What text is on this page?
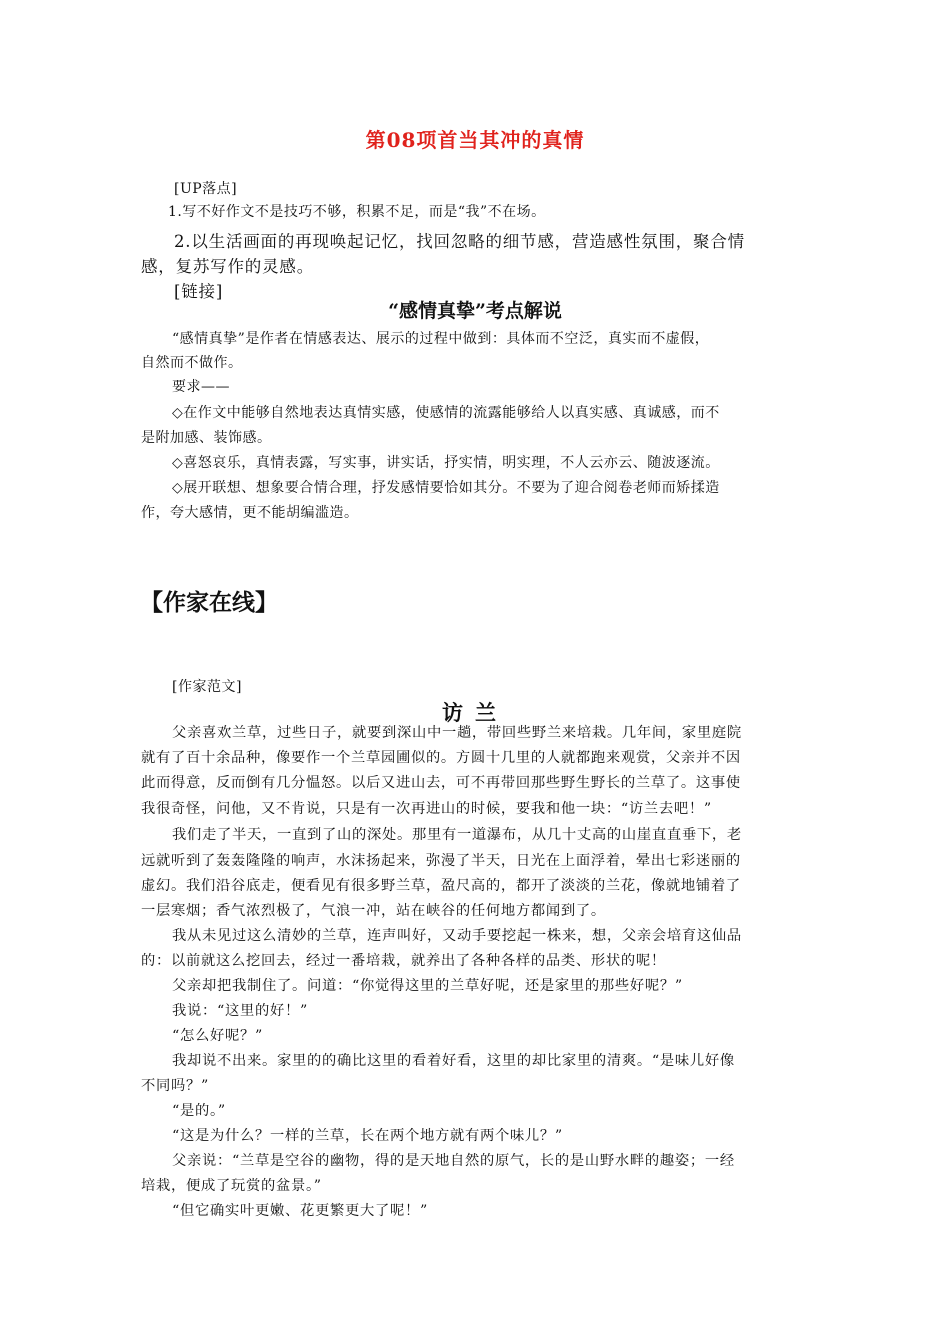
第08项首当其冲的真情

[UP落点]

1.写不好作文不是技巧不够，积累不足，而是“我”不在场。

2.以生活画面的再现唤起记忆，找回忽略的细节感，营造感性氛围，聚合情

感，复苏写作的灵感。

[链接]

“感情真挚”考点解说

“感情真挚”是作者在情感表达、展示的过程中做到：具体而不空泛，真实而不虚假，

自然而不做作。

要求——

◇在作文中能够自然地表达真情实感，使感情的流露能够给人以真实感、真诚感，而不

是附加感、装饰感。

◇喜怒哀乐，真情表露，写实事，讲实话，抒实情，明实理，不人云亦云、随波逐流。

◇展开联想、想象要合情合理，抒发感情要恰如其分。不要为了迎合阅卷老师而矫揉造

作，夸大感情，更不能胡编滥造。

【作家在线】

[作家范文]

访兰

父亲喜欢兰草，过些日子，就要到深山中一趟，带回些野兰来培栽。几年间，家里庭院

就有了百十余品种，像要作一个兰草园圃似的。方圆十几里的人就都跑来观赏，父亲并不因

此而得意，反而倒有几分愠怒。以后又进山去，可不再带回那些野生野长的兰草了。这事使

我很奇怪，问他，又不肯说，只是有一次再进山的时候，要我和他一块：“访兰去吧！”

我们走了半天，一直到了山的深处。那里有一道瀑布，从几十丈高的山崖直直垂下，老

远就听到了轰轰隆隆的响声，水沫扬起来，弥漫了半天，日光在上面浮着，晕出七彩迷丽的

虚幻。我们沿谷底走，便看见有很多野兰草，盈尺高的，都开了淡淡的兰花，像就地铺着了

一层寒烟；香气浓烈极了，气浪一冲，站在峡谷的任何地方都闻到了。

我从未见过这么清妙的兰草，连声叫好，又动手要挖起一株来，想，父亲会培育这仙品

的：以前就这么挖回去，经过一番培栽，就养出了各种各样的品类、形状的呢！

父亲却把我制住了。问道：“你觉得这里的兰草好呢，还是家里的那些好呢？”

我说：“这里的好！”

“怎么好呢？”

我却说不出来。家里的的确比这里的看着好看，这里的却比家里的清爽。“是味儿好像

不同吗？”

“是的。”

“这是为什么？一样的兰草，长在两个地方就有两个味儿？”

父亲说：“兰草是空谷的幽物，得的是天地自然的原气，长的是山野水畔的趣姿；一经

培栽，便成了玩赏的盆景。”

“但它确实叶更嫩、花更繁更大了呢！”
